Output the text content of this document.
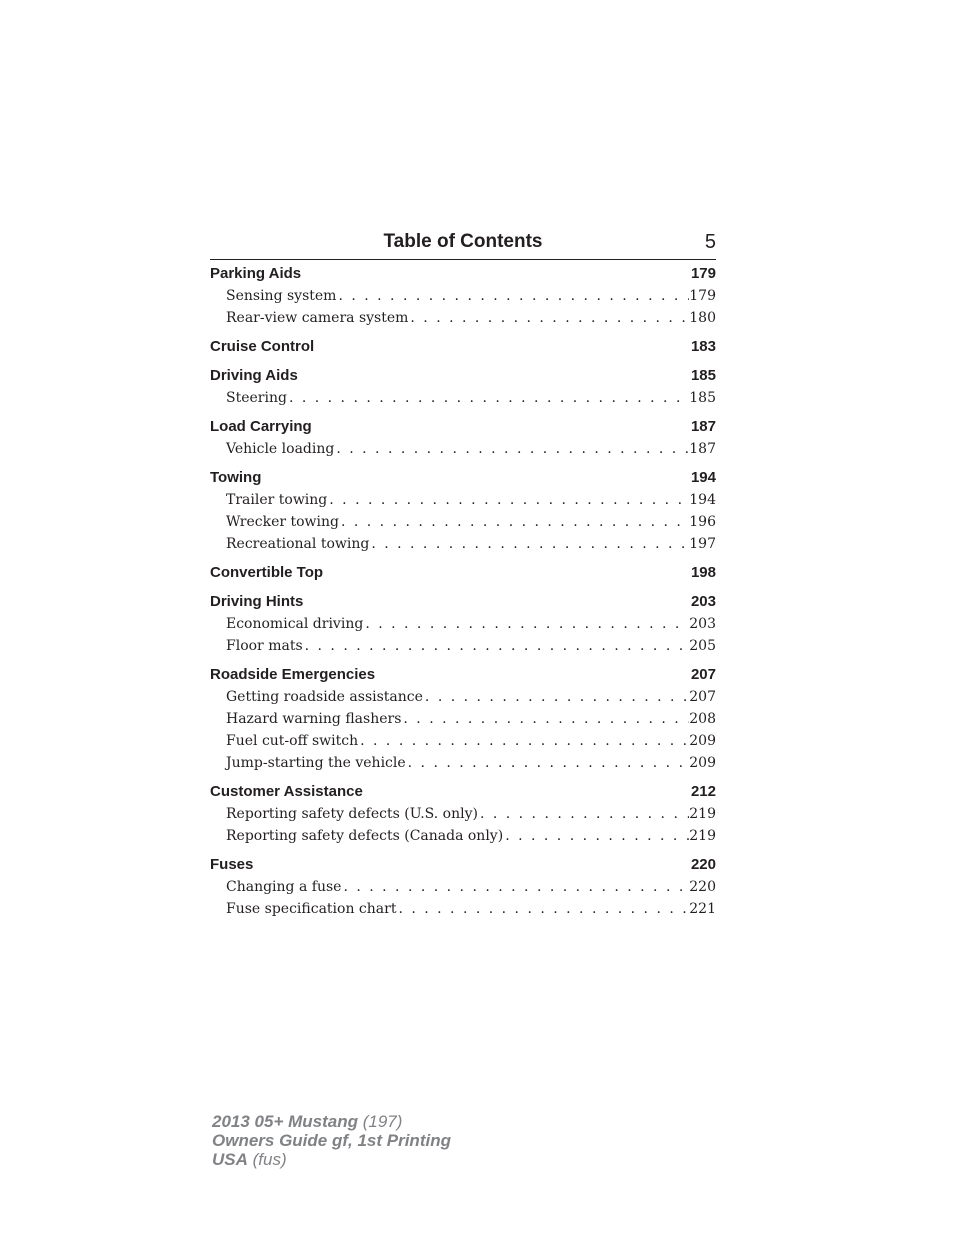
Table of Contents	5
Parking Aids	179
Sensing system . . .	179
Rear-view camera system . . .	180
Cruise Control	183
Driving Aids	185
Steering . . .	185
Load Carrying	187
Vehicle loading . . .	187
Towing	194
Trailer towing . . .	194
Wrecker towing . . .	196
Recreational towing . . .	197
Convertible Top	198
Driving Hints	203
Economical driving . . .	203
Floor mats . . .	205
Roadside Emergencies	207
Getting roadside assistance . . .	207
Hazard warning flashers . . .	208
Fuel cut-off switch . . .	209
Jump-starting the vehicle . . .	209
Customer Assistance	212
Reporting safety defects (U.S. only) . . .	219
Reporting safety defects (Canada only) . . .	219
Fuses	220
Changing a fuse . . .	220
Fuse specification chart . . .	221
2013 05+ Mustang (197)
Owners Guide gf, 1st Printing
USA (fus)
